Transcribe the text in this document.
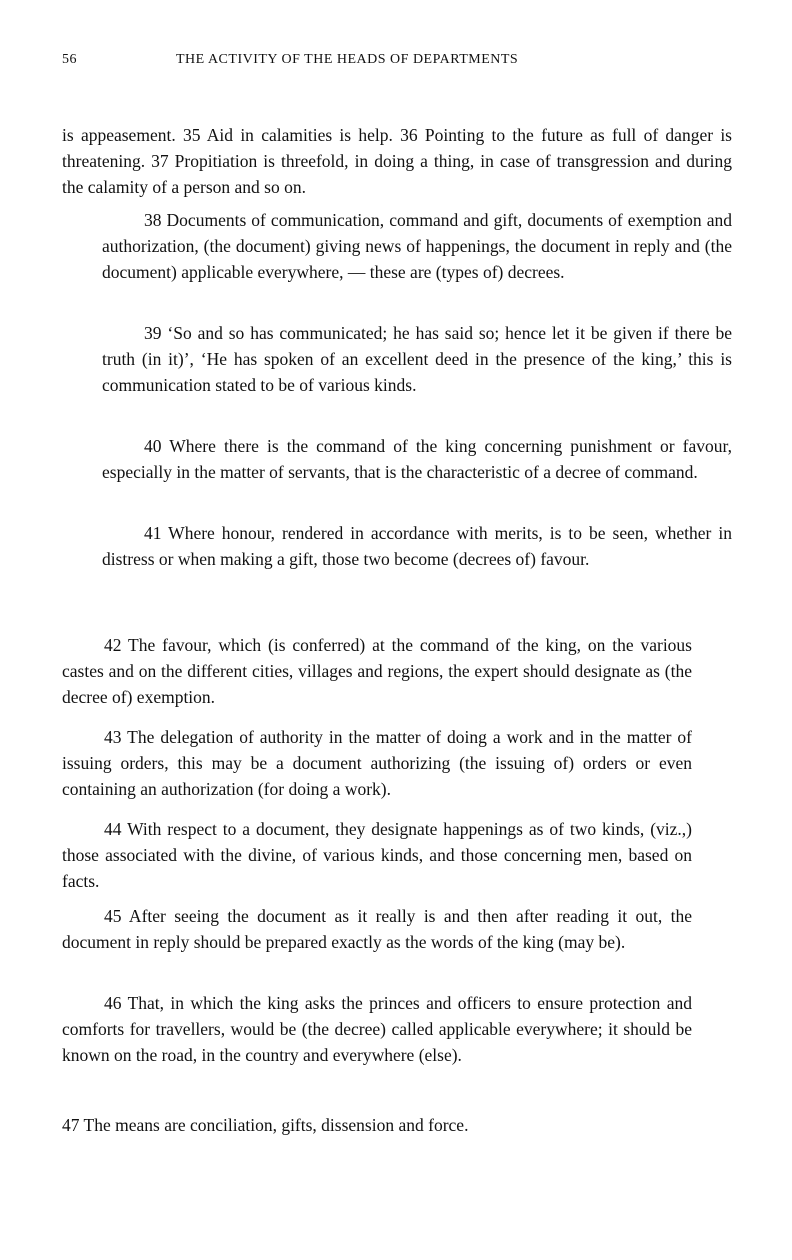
56	THE ACTIVITY OF THE HEADS OF DEPARTMENTS

is appeasement. 35 Aid in calamities is help. 36 Pointing to the future as full of danger is threatening. 37 Propitiation is threefold, in doing a thing, in case of transgression and during the calamity of a person and so on.

38 Documents of communication, command and gift, documents of exemption and authorization, (the document) giving news of happenings, the document in reply and (the document) applicable everywhere, — these are (types of) decrees.

39 ‘So and so has communicated; he has said so; hence let it be given if there be truth (in it)’, ‘He has spoken of an excellent deed in the presence of the king,’ this is communication stated to be of various kinds.

40 Where there is the command of the king concerning punishment or favour, especially in the matter of servants, that is the characteristic of a decree of command.

41 Where honour, rendered in accordance with merits, is to be seen, whether in distress or when making a gift, those two become (decrees of) favour.

42 The favour, which (is conferred) at the command of the king, on the various castes and on the different cities, villages and regions, the expert should designate as (the decree of) exemption.

43 The delegation of authority in the matter of doing a work and in the matter of issuing orders, this may be a document authorizing (the issuing of) orders or even containing an authorization (for doing a work).

44 With respect to a document, they designate happenings as of two kinds, (viz.,) those associated with the divine, of various kinds, and those concerning men, based on facts.

45 After seeing the document as it really is and then after reading it out, the document in reply should be prepared exactly as the words of the king (may be).

46 That, in which the king asks the princes and officers to ensure protection and comforts for travellers, would be (the decree) called applicable everywhere; it should be known on the road, in the country and everywhere (else).

47 The means are conciliation, gifts, dissension and force.
